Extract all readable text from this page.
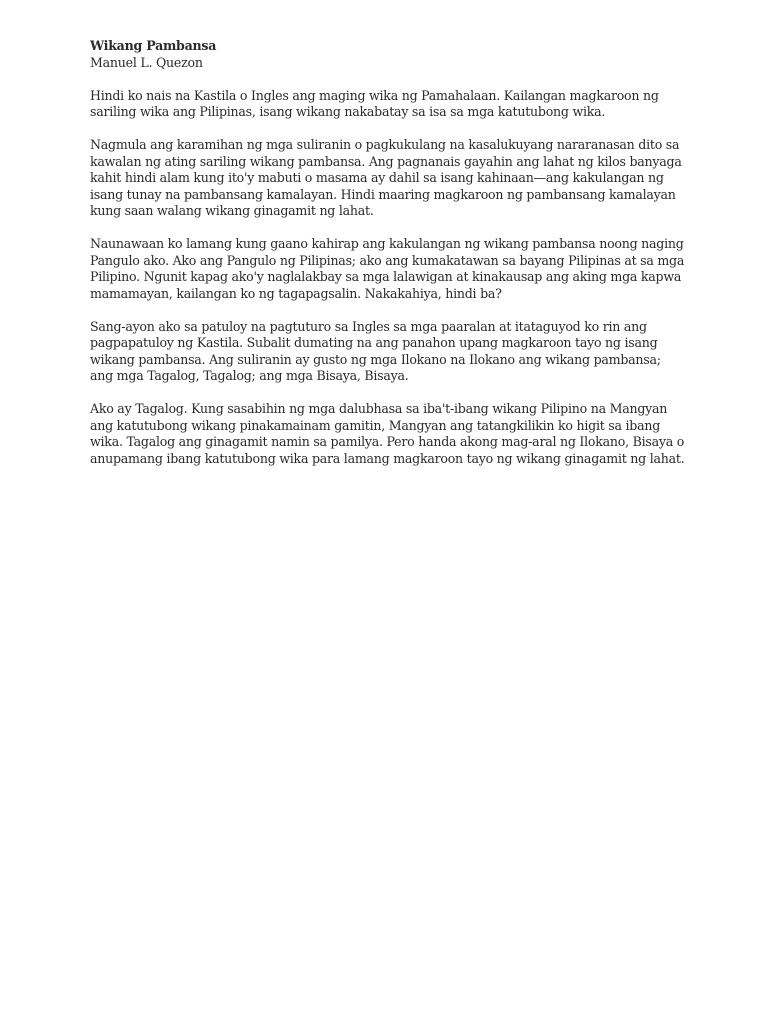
Wikang Pambansa
Manuel L. Quezon

Hindi ko nais na Kastila o Ingles ang maging wika ng Pamahalaan. Kailangan magkaroon ng sariling wika ang Pilipinas, isang wikang nakabatay sa isa sa mga katutubong wika.

Nagmula ang karamihan ng mga suliranin o pagkukulang na kasalukuyang nararanasan dito sa kawalan ng ating sariling wikang pambansa. Ang pagnanais gayahin ang lahat ng kilos banyaga kahit hindi alam kung ito'y mabuti o masama ay dahil sa isang kahinaan—ang kakulangan ng isang tunay na pambansang kamalayan. Hindi maaring magkaroon ng pambansang kamalayan kung saan walang wikang ginagamit ng lahat.

Naunawaan ko lamang kung gaano kahirap ang kakulangan ng wikang pambansa noong naging Pangulo ako. Ako ang Pangulo ng Pilipinas; ako ang kumakatawan sa bayang Pilipinas at sa mga Pilipino. Ngunit kapag ako'y naglalakbay sa mga lalawigan at kinakausap ang aking mga kapwa mamamayan, kailangan ko ng tagapagsalin. Nakakahiya, hindi ba?

Sang-ayon ako sa patuloy na pagtuturo sa Ingles sa mga paaralan at itataguyod ko rin ang pagpapatuloy ng Kastila. Subalit dumating na ang panahon upang magkaroon tayo ng isang wikang pambansa. Ang suliranin ay gusto ng mga Ilokano na Ilokano ang wikang pambansa; ang mga Tagalog, Tagalog; ang mga Bisaya, Bisaya.

Ako ay Tagalog. Kung sasabihin ng mga dalubhasa sa iba't-ibang wikang Pilipino na Mangyan ang katutubong wikang pinakamainam gamitin, Mangyan ang tatangkilikin ko higit sa ibang wika. Tagalog ang ginagamit namin sa pamilya. Pero handa akong mag-aral ng Ilokano, Bisaya o anupamang ibang katutubong wika para lamang magkaroon tayo ng wikang ginagamit ng lahat.
